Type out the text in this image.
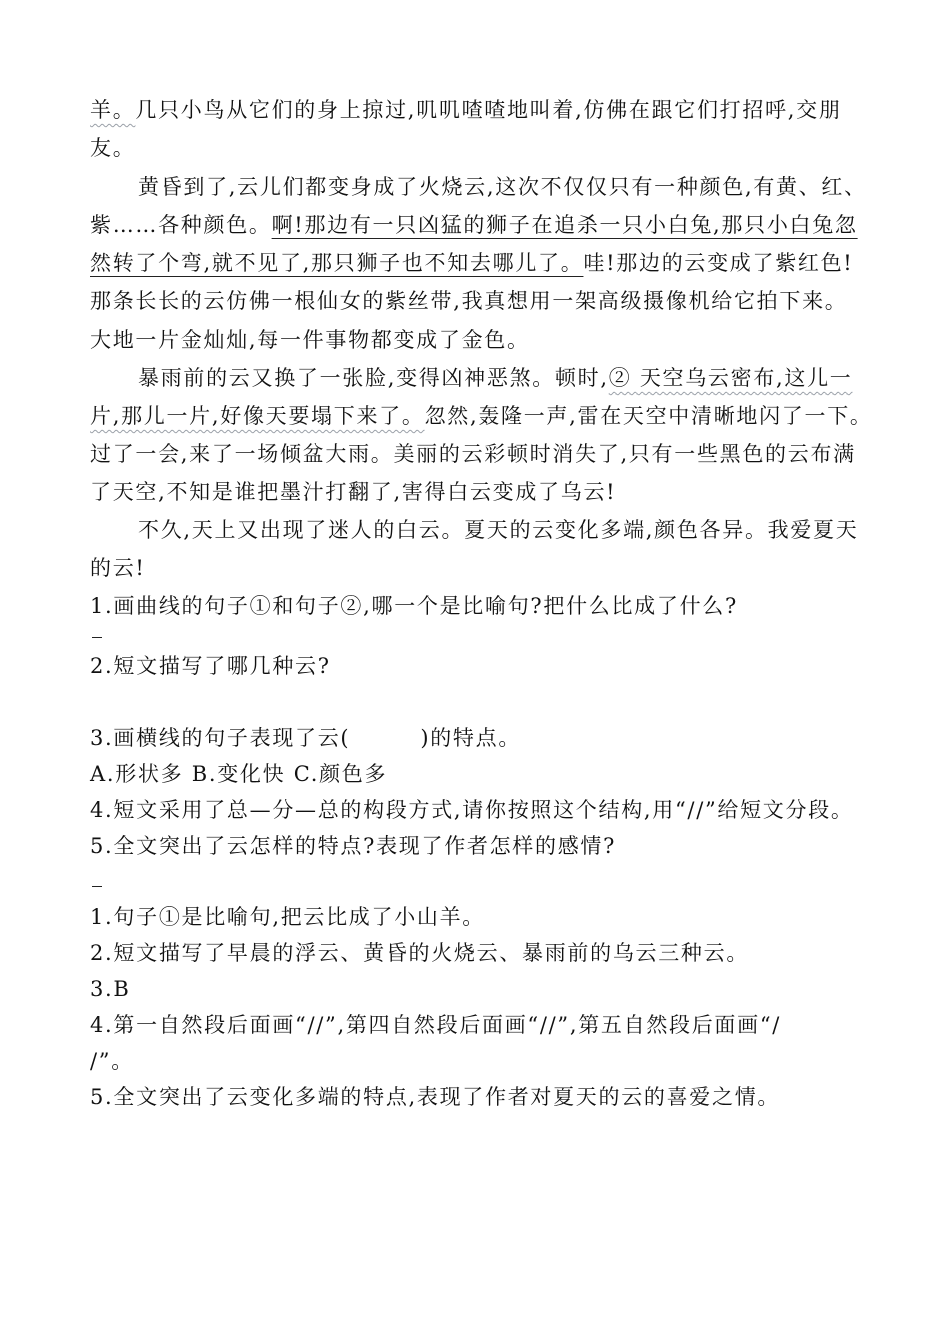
羊。几只小鸟从它们的身上掠过,叽叽喳喳地叫着,仿佛在跟它们打招呼,交朋
友。
黄昏到了,云儿们都变身成了火烧云,这次不仅仅只有一种颜色,有黄、红、
紫……各种颜色。啊!那边有一只凶猛的狮子在追杀一只小白兔,那只小白兔忽
然转了个弯,就不见了,那只狮子也不知去哪儿了。哇!那边的云变成了紫红色!
那条长长的云仿佛一根仙女的紫丝带,我真想用一架高级摄像机给它拍下来。
大地一片金灿灿,每一件事物都变成了金色。
暴雨前的云又换了一张脸,变得凶神恶煞。顿时,② 天空乌云密布,这儿一
片,那儿一片,好像天要塌下来了。忽然,轰隆一声,雷在天空中清晰地闪了一下。
过了一会,来了一场倾盆大雨。美丽的云彩顿时消失了,只有一些黑色的云布满
了天空,不知是谁把墨汁打翻了,害得白云变成了乌云!
不久,天上又出现了迷人的白云。夏天的云变化多端,颜色各异。我爱夏天
的云!
1.画曲线的句子①和句子②,哪一个是比喻句?把什么比成了什么?
2.短文描写了哪几种云?
3.画横线的句子表现了云(	)的特点。
A.形状多 B.变化快 C.颜色多
4.短文采用了总—分—总的构段方式,请你按照这个结构,用“//”给短文分段。
5.全文突出了云怎样的特点?表现了作者怎样的感情?
1.句子①是比喻句,把云比成了小山羊。
2.短文描写了早晨的浮云、黄昏的火烧云、暴雨前的乌云三种云。
3.B
4.第一自然段后面画“//”,第四自然段后面画“//”,第五自然段后面画“/
/”。
5.全文突出了云变化多端的特点,表现了作者对夏天的云的喜爱之情。
